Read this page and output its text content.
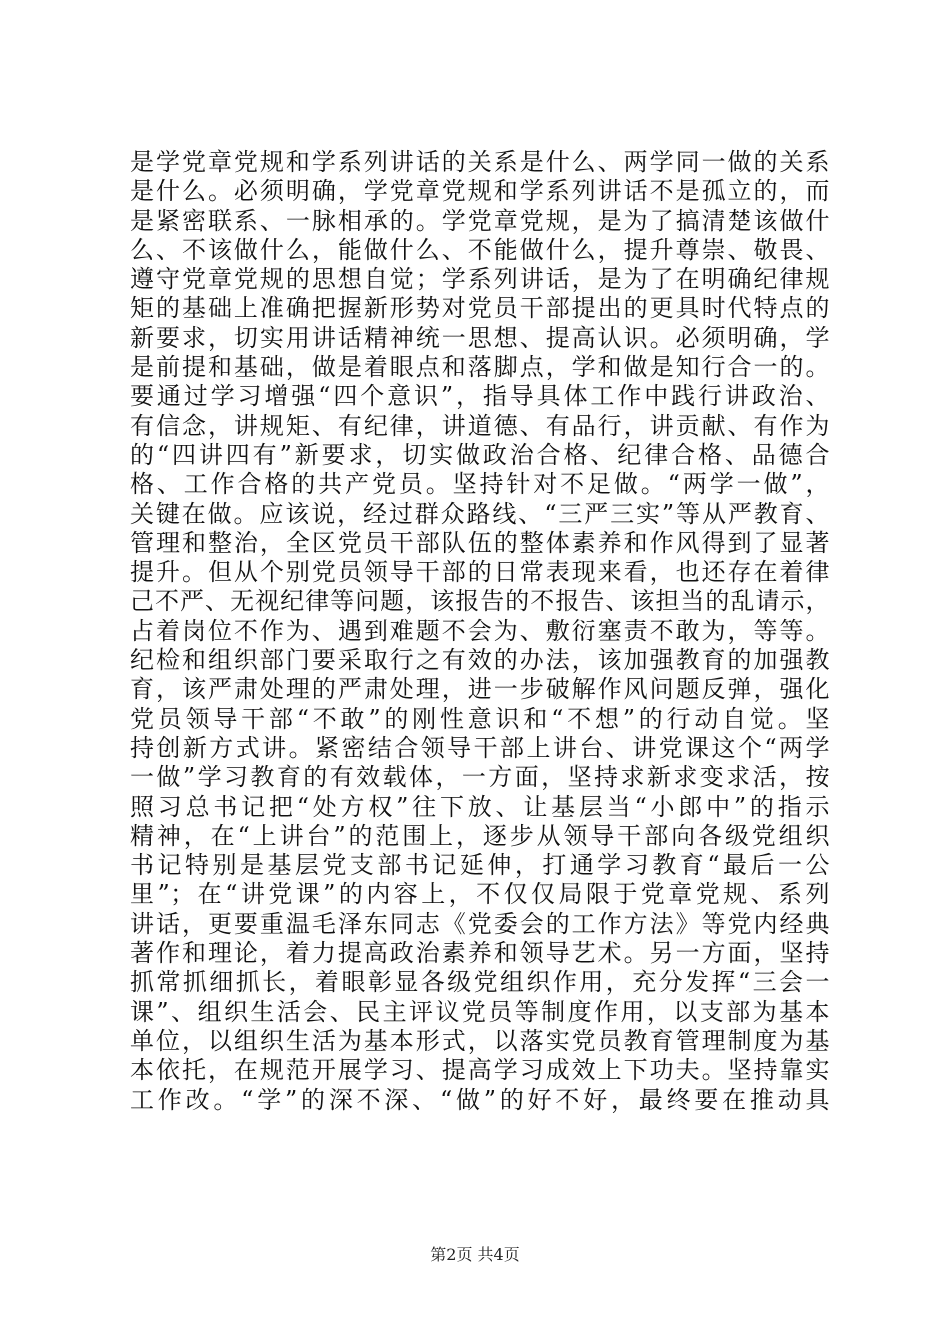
是学党章党规和学系列讲话的关系是什么、两学同一做的关系
是什么。必须明确，学党章党规和学系列讲话不是孤立的，而
是紧密联系、一脉相承的。学党章党规，是为了搞清楚该做什
么、不该做什么，能做什么、不能做什么，提升尊崇、敬畏、
遵守党章党规的思想自觉；学系列讲话，是为了在明确纪律规
矩的基础上准确把握新形势对党员干部提出的更具时代特点的
新要求，切实用讲话精神统一思想、提高认识。必须明确，学
是前提和基础，做是着眼点和落脚点，学和做是知行合一的。
要通过学习增强“四个意识”，指导具体工作中践行讲政治、
有信念，讲规矩、有纪律，讲道德、有品行，讲贡献、有作为
的“四讲四有”新要求，切实做政治合格、纪律合格、品德合
格、工作合格的共产党员。坚持针对不足做。“两学一做”，
关键在做。应该说，经过群众路线、“三严三实”等从严教育、
管理和整治，全区党员干部队伍的整体素养和作风得到了显著
提升。但从个别党员领导干部的日常表现来看，也还存在着律
己不严、无视纪律等问题，该报告的不报告、该担当的乱请示，
占着岗位不作为、遇到难题不会为、敷衍塞责不敢为，等等。
纪检和组织部门要采取行之有效的办法，该加强教育的加强教
育，该严肃处理的严肃处理，进一步破解作风问题反弹，强化
党员领导干部“不敢”的刚性意识和“不想”的行动自觉。坚
持创新方式讲。紧密结合领导干部上讲台、讲党课这个“两学
一做”学习教育的有效载体，一方面，坚持求新求变求活，按
照习总书记把“处方权”往下放、让基层当“小郎中”的指示
精神，在“上讲台”的范围上，逐步从领导干部向各级党组织
书记特别是基层党支部书记延伸，打通学习教育“最后一公
里”；在“讲党课”的内容上，不仅仅局限于党章党规、系列
讲话，更要重温毛泽东同志《党委会的工作方法》等党内经典
著作和理论，着力提高政治素养和领导艺术。另一方面，坚持
抓常抓细抓长，着眼彰显各级党组织作用，充分发挥“三会一
课”、组织生活会、民主评议党员等制度作用，以支部为基本
单位，以组织生活为基本形式，以落实党员教育管理制度为基
本依托，在规范开展学习、提高学习成效上下功夫。坚持靠实
工作改。“学”的深不深、“做”的好不好，最终要在推动具
第2页 共4页
